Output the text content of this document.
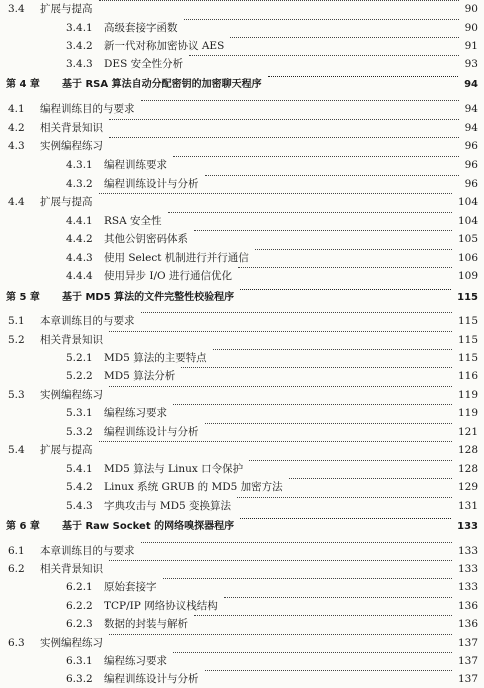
3.4 扩展与提高	90
3.4.1 高级套接字函数	90
3.4.2 新一代对称加密协议 AES	91
3.4.3 DES 安全性分析	93
第 4 章 基于 RSA 算法自动分配密钥的加密聊天程序	94
4.1 编程训练目的与要求	94
4.2 相关背景知识	94
4.3 实例编程练习	96
4.3.1 编程训练要求	96
4.3.2 编程训练设计与分析	96
4.4 扩展与提高	104
4.4.1 RSA 安全性	104
4.4.2 其他公钥密码体系	105
4.4.3 使用 Select 机制进行并行通信	106
4.4.4 使用异步 I/O 进行通信优化	109
第 5 章 基于 MD5 算法的文件完整性校验程序	115
5.1 本章训练目的与要求	115
5.2 相关背景知识	115
5.2.1 MD5 算法的主要特点	115
5.2.2 MD5 算法分析	116
5.3 实例编程练习	119
5.3.1 编程练习要求	119
5.3.2 编程训练设计与分析	121
5.4 扩展与提高	128
5.4.1 MD5 算法与 Linux 口令保护	128
5.4.2 Linux 系统 GRUB 的 MD5 加密方法	129
5.4.3 字典攻击与 MD5 变换算法	131
第 6 章 基于 Raw Socket 的网络嗅探器程序	133
6.1 本章训练目的与要求	133
6.2 相关背景知识	133
6.2.1 原始套接字	133
6.2.2 TCP/IP 网络协议栈结构	136
6.2.3 数据的封装与解析	136
6.3 实例编程练习	137
6.3.1 编程练习要求	137
6.3.2 编程训练设计与分析	137
